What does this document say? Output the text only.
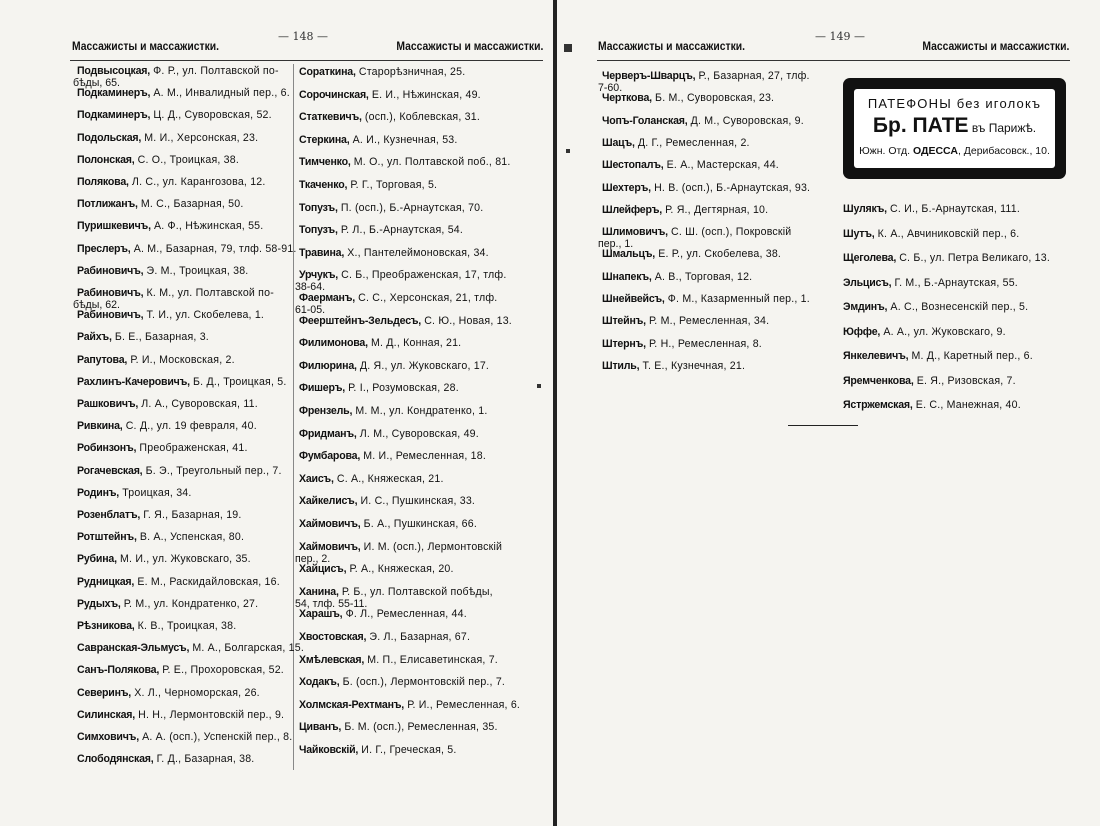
— 148 —
Массажисты и массажистки.	Массажисты и массажистки.
Подвысоцкая, Ф. Р., ул. Полтавской по-
бѣды, 65.
Подкаминеръ, А. М., Инвалидный пер., 6.
Подкаминеръ, Ц. Д., Суворовская, 52.
Подольская, М. И., Херсонская, 23.
Полонская, С. О., Троицкая, 38.
Полякова, Л. С., ул. Карангозова, 12.
Потлижанъ, М. С., Базарная, 50.
Пуришкевичъ, А. Ф., Нѣжинская, 55.
Преслеръ, А. М., Базарная, 79, тлф. 58-91.
Рабиновичъ, Э. М., Троицкая, 38.
Рабиновичъ, К. М., ул. Полтавской по-
бѣды, 62.
Рабиновичъ, Т. И., ул. Скобелева, 1.
Райхъ, Б. Е., Базарная, 3.
Рапутова, Р. И., Московская, 2.
Рахлинъ-Качеровичъ, Б. Д., Троицкая, 5.
Рашковичъ, Л. А., Суворовская, 11.
Ривкина, С. Д., ул. 19 февраля, 40.
Робинзонъ, Преображенская, 41.
Рогачевская, Б. Э., Треугольный пер., 7.
Родинъ, Троицкая, 34.
Розенблатъ, Г. Я., Базарная, 19.
Ротштейнъ, В. А., Успенская, 80.
Рубина, М. И., ул. Жуковскаго, 35.
Рудницкая, Е. М., Раскидайловская, 16.
Рудыхъ, Р. М., ул. Кондратенко, 27.
Рѣзникова, К. В., Троицкая, 38.
Савранская-Эльмусъ, М. А., Болгарская, 15.
Санъ-Полякова, Р. Е., Прохоровская, 52.
Северинъ, Х. Л., Черноморская, 26.
Силинская, Н. Н., Лермонтовскiй пер., 9.
Симховичъ, А. А. (осп.), Успенскiй пер., 8.
Слободянская, Г. Д., Базарная, 38.
Сораткина, Старорѣзничная, 25.
Сорочинская, Е. И., Нѣжинская, 49.
Статкевичъ, (осп.), Коблевская, 31.
Стеркина, А. И., Кузнечная, 53.
Тимченко, М. О., ул. Полтавской поб., 81.
Ткаченко, Р. Г., Торговая, 5.
Топузъ, П. (осп.), Б.-Арнаутская, 70.
Топузъ, Р. Л., Б.-Арнаутская, 54.
Травина, Х., Пантелеймоновская, 34.
Урчукъ, С. Б., Преображенская, 17, тлф.
38-64.
Фаерманъ, С. С., Херсонская, 21, тлф.
61-05.
Феерштейнъ-Зельдесъ, С. Ю., Новая, 13.
Филимонова, М. Д., Конная, 21.
Филюрина, Д. Я., ул. Жуковскаго, 17.
Фишеръ, Р. I., Розумовская, 28.
Френзель, М. М., ул. Кондратенко, 1.
Фридманъ, Л. М., Суворовская, 49.
Фумбарова, М. И., Ремесленная, 18.
Хаисъ, С. А., Княжеская, 21.
Хайкелисъ, И. С., Пушкинская, 33.
Хаймовичъ, Б. А., Пушкинская, 66.
Хаймовичъ, И. М. (осп.), Лермонтовскiй
пер., 2.
Хайцисъ, Р. А., Княжеская, 20.
Ханина, Р. Б., ул. Полтавской побѣды,
54, тлф. 55-11.
Харашъ, Ф. Л., Ремесленная, 44.
Хвостовская, Э. Л., Базарная, 67.
Хмѣлевская, М. П., Елисаветинская, 7.
Ходакъ, Б. (осп.), Лермонтовскiй пер., 7.
Холмская-Рехтманъ, Р. И., Ремесленная, 6.
Циванъ, Б. М. (осп.), Ремесленная, 35.
Чайковскiй, И. Г., Греческая, 5.
— 149 —
Массажисты и массажистки.	Массажисты и массажистки.
Черверъ-Шварцъ, Р., Базарная, 27, тлф.
7-60.
Черткова, Б. М., Суворовская, 23.
Чопъ-Голанская, Д. М., Суворовская, 9.
Шацъ, Д. Г., Ремесленная, 2.
Шестопалъ, Е. А., Мастерская, 44.
Шехтеръ, Н. В. (осп.), Б.-Арнаутская, 93.
Шлейферъ, Р. Я., Дегтярная, 10.
Шлимовичъ, С. Ш. (осп.), Покровскiй
пер., 1.
Шмальцъ, Е. Р., ул. Скобелева, 38.
Шнапекъ, А. В., Торговая, 12.
Шнейвейсъ, Ф. М., Казарменный пер., 1.
Штейнъ, Р. М., Ремесленная, 34.
Штернъ, Р. Н., Ремесленная, 8.
Штиль, Т. Е., Кузнечная, 21.
ПАТЕФОНЫ без иголокъ
Бр. ПАТЕ въ Парижѣ.
Южн. Отд. ОДЕССА, Дерибасовск., 10.
Шулякъ, С. И., Б.-Арнаутская, 111.
Шутъ, К. А., Авчиниковскiй пер., 6.
Щеголева, С. Б., ул. Петра Великаго, 13.
Эльцисъ, Г. М., Б.-Арнаутская, 55.
Эмдинъ, А. С., Вознесенскiй пер., 5.
Юффе, А. А., ул. Жуковскаго, 9.
Янкелевичъ, М. Д., Каретный пер., 6.
Яремченкова, Е. Я., Ризовская, 7.
Ястржемская, Е. С., Манежная, 40.
